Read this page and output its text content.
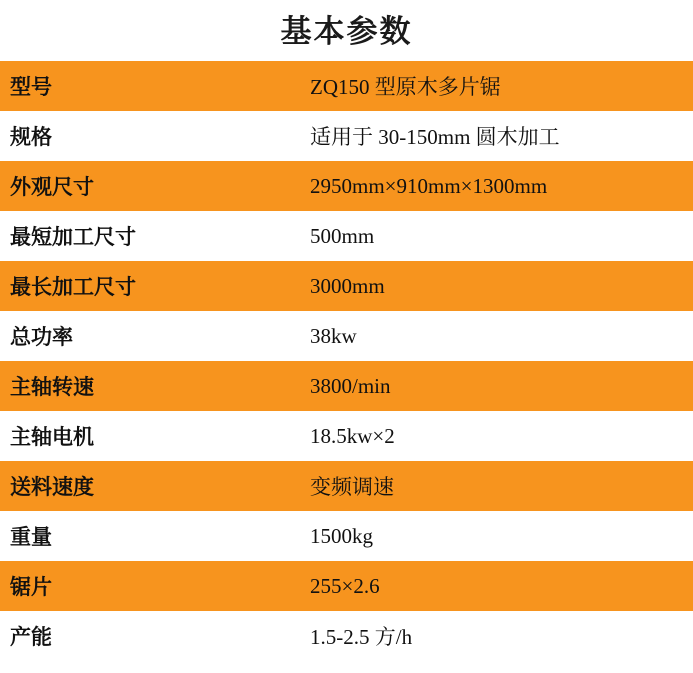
基本参数
型号	ZQ150 型原木多片锯
规格	适用于 30-150mm 圆木加工
外观尺寸	2950mm×910mm×1300mm
最短加工尺寸	500mm
最长加工尺寸	3000mm
总功率	38kw
主轴转速	3800/min
主轴电机	18.5kw×2
送料速度	变频调速
重量	1500kg
锯片	255×2.6
产能	1.5-2.5 方/h
